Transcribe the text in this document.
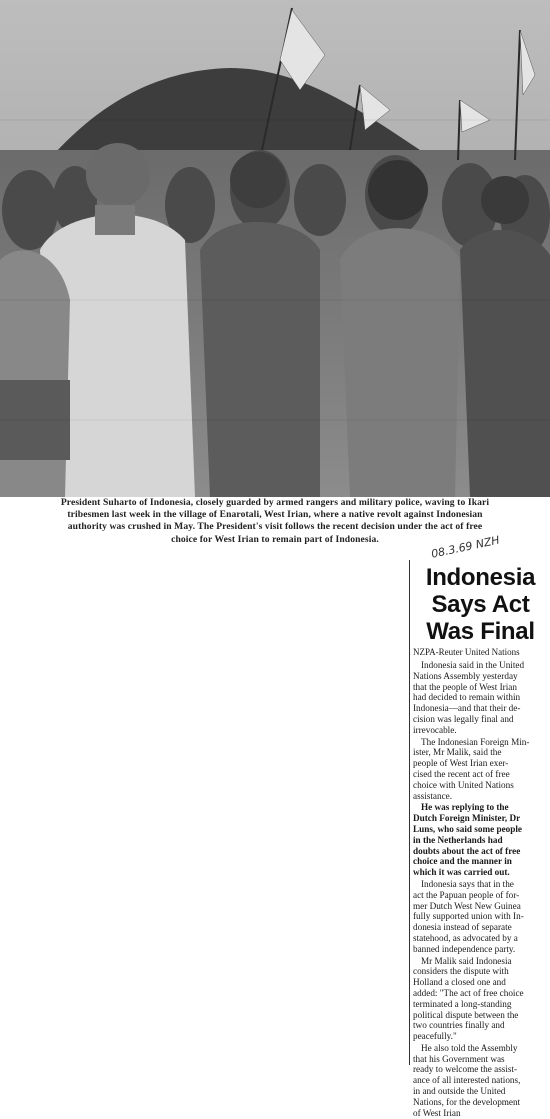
President Suharto of Indonesia, closely guarded by armed rangers and military police, waving to Ikari
tribesmen last week in the village of Enarotali, West Irian, where a native revolt against Indonesian
authority was crushed in May. The President's visit follows the recent decision under the act of free
choice for West Irian to remain part of Indonesia.	08.3.69 NZH
Indonesia
Says Act
Was Final
NZPA-Reuter United Nations
Indonesia said in the United
Nations Assembly yesterday
that the people of West Irian
had decided to remain within
Indonesia—and that their de-
cision was legally final and
irrevocable.
The Indonesian Foreign Min-
ister, Mr Malik, said the
people of West Irian exer-
cised the recent act of free
choice with United Nations
assistance.
He was replying to the
Dutch Foreign Minister, Dr
Luns, who said some people
in the Netherlands had
doubts about the act of free
choice and the manner in
which it was carried out.
Indonesia says that in the
act the Papuan people of for-
mer Dutch West New Guinea
fully supported union with In-
donesia instead of separate
statehood, as advocated by a
banned independence party.
Mr Malik said Indonesia
considers the dispute with
Holland a closed one and
added: "The act of free choice
terminated a long-standing
political dispute between the
two countries finally and
peacefully."
He also told the Assembly
that his Government was
ready to welcome the assist-
ance of all interested nations,
in and outside the United
Nations, for the development
of West Irian
